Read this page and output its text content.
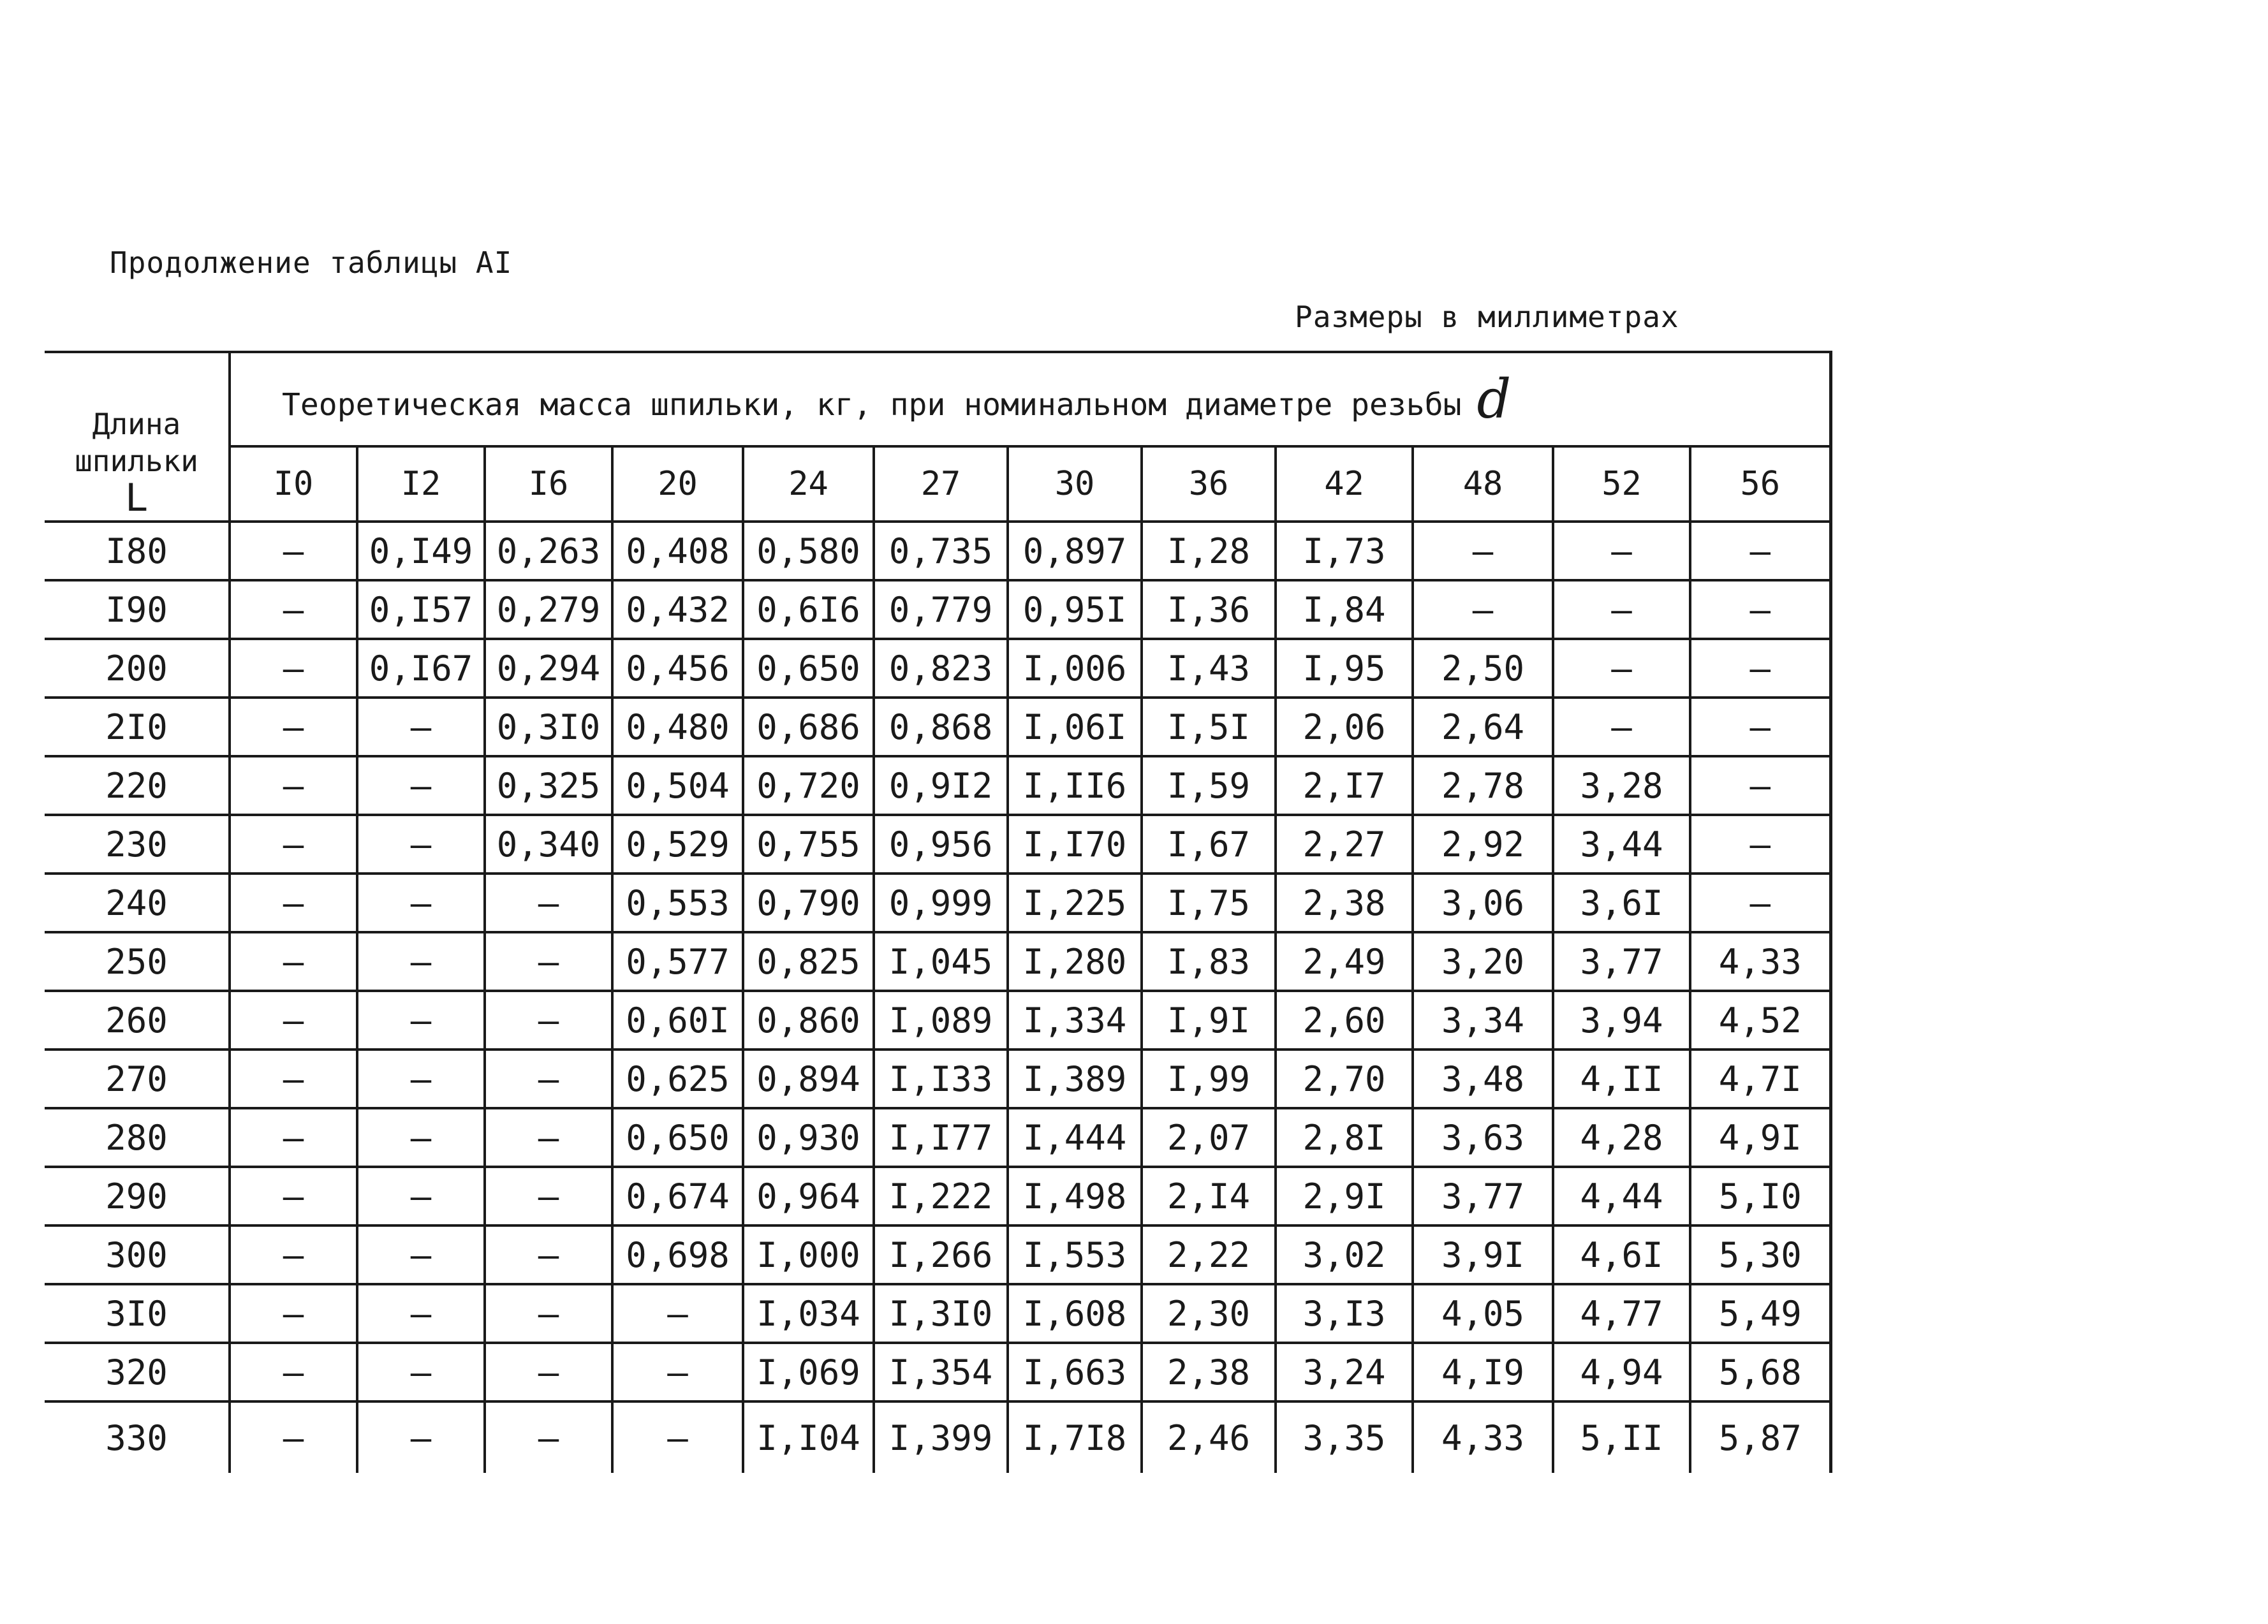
Продолжение таблицы AI
Размеры в миллиметрах
Длина
шпильки
L	Теоретическая масса шпильки, кг, при номинальном диаметре резьбы d											
	I0	I2	I6	20	24	27	30	36	42	48	52	56
I80	–	0,I49	0,263	0,408	0,580	0,735	0,897	I,28	I,73	–	–	–
I90	–	0,I57	0,279	0,432	0,6I6	0,779	0,95I	I,36	I,84	–	–	–
200	–	0,I67	0,294	0,456	0,650	0,823	I,006	I,43	I,95	2,50	–	–
2I0	–	–	0,3I0	0,480	0,686	0,868	I,06I	I,5I	2,06	2,64	–	–
220	–	–	0,325	0,504	0,720	0,9I2	I,II6	I,59	2,I7	2,78	3,28	–
230	–	–	0,340	0,529	0,755	0,956	I,I70	I,67	2,27	2,92	3,44	–
240	–	–	–	0,553	0,790	0,999	I,225	I,75	2,38	3,06	3,6I	–
250	–	–	–	0,577	0,825	I,045	I,280	I,83	2,49	3,20	3,77	4,33
260	–	–	–	0,60I	0,860	I,089	I,334	I,9I	2,60	3,34	3,94	4,52
270	–	–	–	0,625	0,894	I,I33	I,389	I,99	2,70	3,48	4,II	4,7I
280	–	–	–	0,650	0,930	I,I77	I,444	2,07	2,8I	3,63	4,28	4,9I
290	–	–	–	0,674	0,964	I,222	I,498	2,I4	2,9I	3,77	4,44	5,I0
300	–	–	–	0,698	I,000	I,266	I,553	2,22	3,02	3,9I	4,6I	5,30
3I0	–	–	–	–	I,034	I,3I0	I,608	2,30	3,I3	4,05	4,77	5,49
320	–	–	–	–	I,069	I,354	I,663	2,38	3,24	4,I9	4,94	5,68
330	–	–	–	–	I,I04	I,399	I,7I8	2,46	3,35	4,33	5,II	5,87
